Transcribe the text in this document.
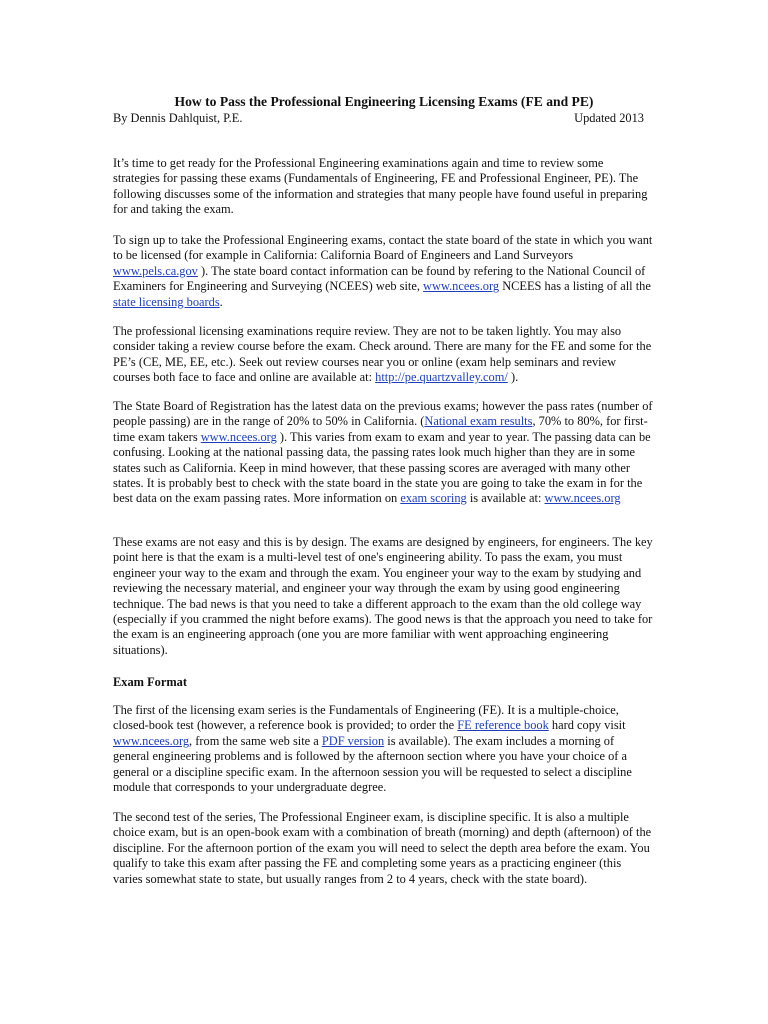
How to Pass the Professional Engineering Licensing Exams (FE and PE)
By Dennis Dahlquist, P.E.	Updated 2013

It’s time to get ready for the Professional Engineering examinations again and time to review some strategies for passing these exams (Fundamentals of Engineering, FE and Professional Engineer, PE). The following discusses some of the information and strategies that many people have found useful in preparing for and taking the exam.

To sign up to take the Professional Engineering exams, contact the state board of the state in which you want to be licensed (for example in California: California Board of Engineers and Land Surveyors www.pels.ca.gov ). The state board contact information can be found by refering to the National Council of Examiners for Engineering and Surveying (NCEES) web site, www.ncees.org NCEES has a listing of all the state licensing boards.

The professional licensing examinations require review. They are not to be taken lightly. You may also consider taking a review course before the exam. Check around. There are many for the FE and some for the PE’s (CE, ME, EE, etc.). Seek out review courses near you or online (exam help seminars and review courses both face to face and online are available at: http://pe.quartzvalley.com/ ).

The State Board of Registration has the latest data on the previous exams; however the pass rates (number of people passing) are in the range of 20% to 50% in California. (National exam results, 70% to 80%, for first-time exam takers www.ncees.org ). This varies from exam to exam and year to year. The passing data can be confusing. Looking at the national passing data, the passing rates look much higher than they are in some states such as California. Keep in mind however, that these passing scores are averaged with many other states. It is probably best to check with the state board in the state you are going to take the exam in for the best data on the exam passing rates. More information on exam scoring is available at: www.ncees.org

These exams are not easy and this is by design. The exams are designed by engineers, for engineers. The key point here is that the exam is a multi-level test of one's engineering ability. To pass the exam, you must engineer your way to the exam and through the exam. You engineer your way to the exam by studying and reviewing the necessary material, and engineer your way through the exam by using good engineering technique. The bad news is that you need to take a different approach to the exam than the old college way (especially if you crammed the night before exams). The good news is that the approach you need to take for the exam is an engineering approach (one you are more familiar with went approaching engineering situations).

Exam Format

The first of the licensing exam series is the Fundamentals of Engineering (FE). It is a multiple-choice, closed-book test (however, a reference book is provided; to order the FE reference book hard copy visit www.ncees.org, from the same web site a PDF version is available). The exam includes a morning of general engineering problems and is followed by the afternoon section where you have your choice of a general or a discipline specific exam. In the afternoon session you will be requested to select a discipline module that corresponds to your undergraduate degree.

The second test of the series, The Professional Engineer exam, is discipline specific. It is also a multiple choice exam, but is an open-book exam with a combination of breath (morning) and depth (afternoon) of the discipline. For the afternoon portion of the exam you will need to select the depth area before the exam. You qualify to take this exam after passing the FE and completing some years as a practicing engineer (this varies somewhat state to state, but usually ranges from 2 to 4 years, check with the state board).
